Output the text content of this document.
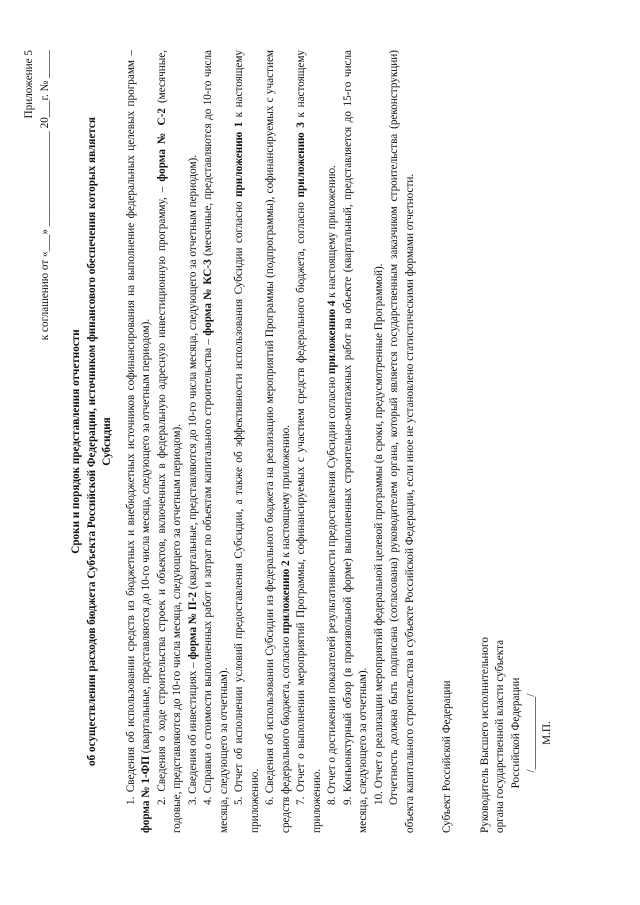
Приложение 5 к соглашению от «___» _________________ 20___г. № _____

Сроки и порядок представления отчетности об осуществлении расходов бюджета Субъекта Российской Федерации, источником финансового обеспечения которых является Субсидия 1. Сведения об использовании средств из бюджетных и внебюджетных источников софинансирования на выполнение федеральных целевых программ – форма № 1-ФП (квартальные, представляются до 10-го числа месяца, следующего за отчетным периодом). 2. Сведения о ходе строительства строек и объектов, включенных в федеральную адресную инвестиционную программу, – форма № С-2 (месячные, годовые, представляются до 10-го числа месяца, следующего за отчетным периодом). 3. Сведения об инвестициях – форма № П-2 (квартальные, представляются до 10-го числа месяца, следующего за отчетным периодом). 4. Справки о стоимости выполненных работ и затрат по объектам капитального строительства – форма № КС-3 (месячные, представляются до 10-го числа месяца, следующего за отчетным). 5. Отчет об исполнении условий предоставления Субсидии, а также об эффективности использования Субсидии согласно приложению 1 к настоящему приложению. 6. Сведения об использовании Субсидии из федерального бюджета на реализацию мероприятий Программы (подпрограммы), софинансируемых с участием средств федерального бюджета, согласно приложению 2 к настоящему приложению. 7. Отчет о выполнении мероприятий Программы, софинансируемых с участием средств федерального бюджета, согласно приложению 3 к настоящему приложению. 8. Отчет о достижении показателей результативности предоставления Субсидии согласно приложению 4 к настоящему приложению. 9. Конъюнктурный обзор (в произвольной форме) выполненных строительно-монтажных работ на объекте (квартальный, представляется до 15-го числа месяца, следующего за отчетным). 10. Отчет о реализации мероприятий федеральной целевой программы (в сроки, предусмотренные Программой). Отчетность должна быть подписана (согласована) руководителем органа, который является государственным заказчиком строительства (реконструкции) объекта капитального строительства в субъекте Российской Федерации, если иное не установлено статистическими формами отчетности. Субъект Российской Федерации Руководитель Высшего исполнительного органа государственной власти субъекта Российской Федерации /_____________/ М.П.
